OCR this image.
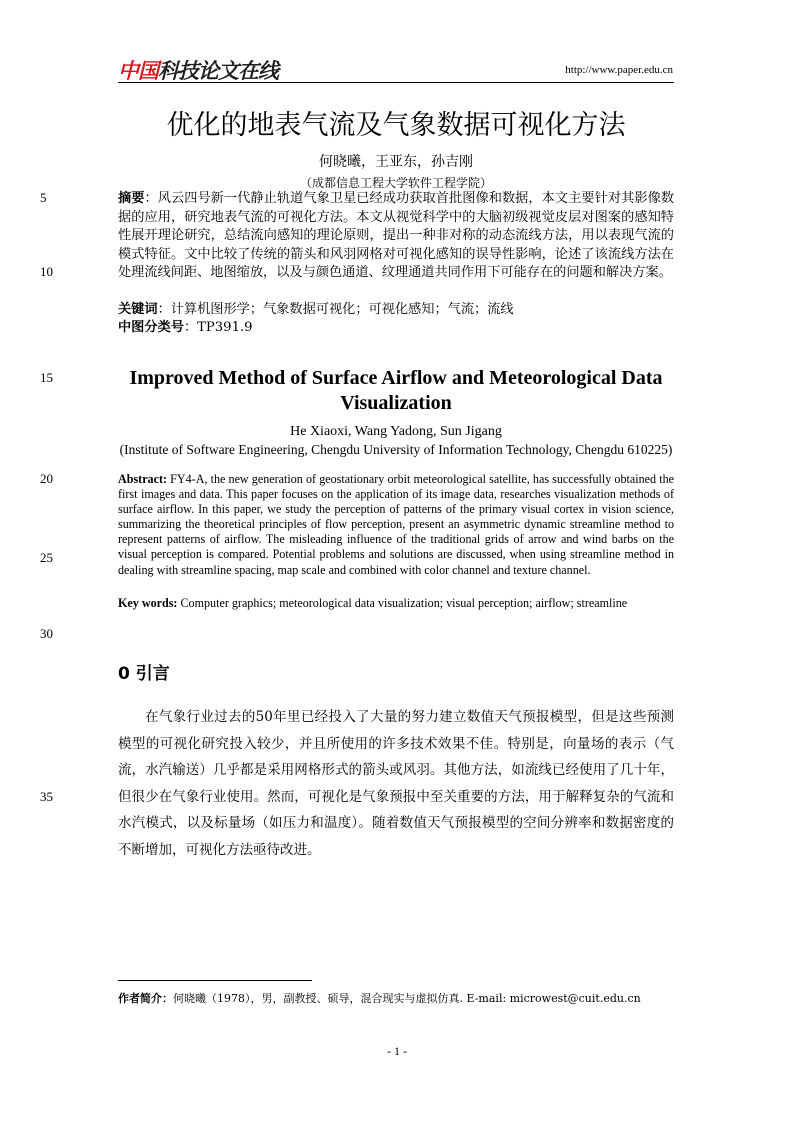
中国科技论文在线	http://www.paper.edu.cn
优化的地表气流及气象数据可视化方法
何晓曦，王亚东，孙吉刚
（成都信息工程大学软件工程学院）
5
10
15
20
25
30
35
摘要：风云四号新一代静止轨道气象卫星已经成功获取首批图像和数据，本文主要针对其影像数据的应用，研究地表气流的可视化方法。本文从视觉科学中的大脑初级视觉皮层对图案的感知特性展开理论研究，总结流向感知的理论原则，提出一种非对称的动态流线方法，用以表现气流的模式特征。文中比较了传统的箭头和风羽网格对可视化感知的误导性影响，论述了该流线方法在处理流线间距、地图缩放，以及与颜色通道、纹理通道共同作用下可能存在的问题和解决方案。
关键词：计算机图形学；气象数据可视化；可视化感知；气流；流线
中图分类号：TP391.9
Improved Method of Surface Airflow and Meteorological Data Visualization
He Xiaoxi, Wang Yadong, Sun Jigang
(Institute of Software Engineering, Chengdu University of Information Technology, Chengdu 610225)
Abstract: FY4-A, the new generation of geostationary orbit meteorological satellite, has successfully obtained the first images and data. This paper focuses on the application of its image data, researches visualization methods of surface airflow. In this paper, we study the perception of patterns of the primary visual cortex in vision science, summarizing the theoretical principles of flow perception, present an asymmetric dynamic streamline method to represent patterns of airflow. The misleading influence of the traditional grids of arrow and wind barbs on the visual perception is compared. Potential problems and solutions are discussed, when using streamline method in dealing with streamline spacing, map scale and combined with color channel and texture channel.
Key words: Computer graphics; meteorological data visualization; visual perception; airflow; streamline
0 引言
在气象行业过去的50年里已经投入了大量的努力建立数值天气预报模型，但是这些预测模型的可视化研究投入较少，并且所使用的许多技术效果不佳。特别是，向量场的表示（气流，水汽输送）几乎都是采用网格形式的箭头或风羽。其他方法，如流线已经使用了几十年，但很少在气象行业使用。然而，可视化是气象预报中至关重要的方法，用于解释复杂的气流和水汽模式，以及标量场（如压力和温度）。随着数值天气预报模型的空间分辨率和数据密度的不断增加，可视化方法亟待改进。
作者简介：何晓曦（1978），男，副教授、硕导，混合现实与虚拟仿真. E-mail: microwest@cuit.edu.cn
- 1 -
